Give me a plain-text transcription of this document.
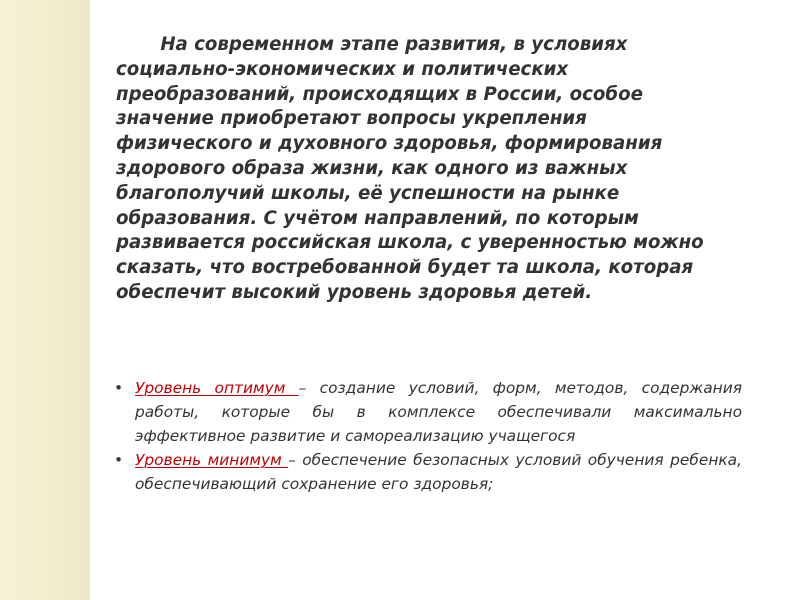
На современном этапе развития, в условиях
социально-экономических и политических
преобразований, происходящих в России, особое
значение приобретают вопросы укрепления
физического и духовного здоровья, формирования
здорового образа жизни, как одного из важных
благополучий школы, её успешности на рынке
образования. С учётом направлений, по которым
развивается российская школа, с уверенностью можно
сказать, что востребованной будет та школа, которая
обеспечит высокий уровень здоровья детей.

• Уровень оптимум – создание условий, форм, методов, содержания работы, которые бы в комплексе обеспечивали максимально эффективное развитие и самореализацию учащегося
• Уровень минимум – обеспечение безопасных условий обучения ребенка, обеспечивающий сохранение его здоровья;
